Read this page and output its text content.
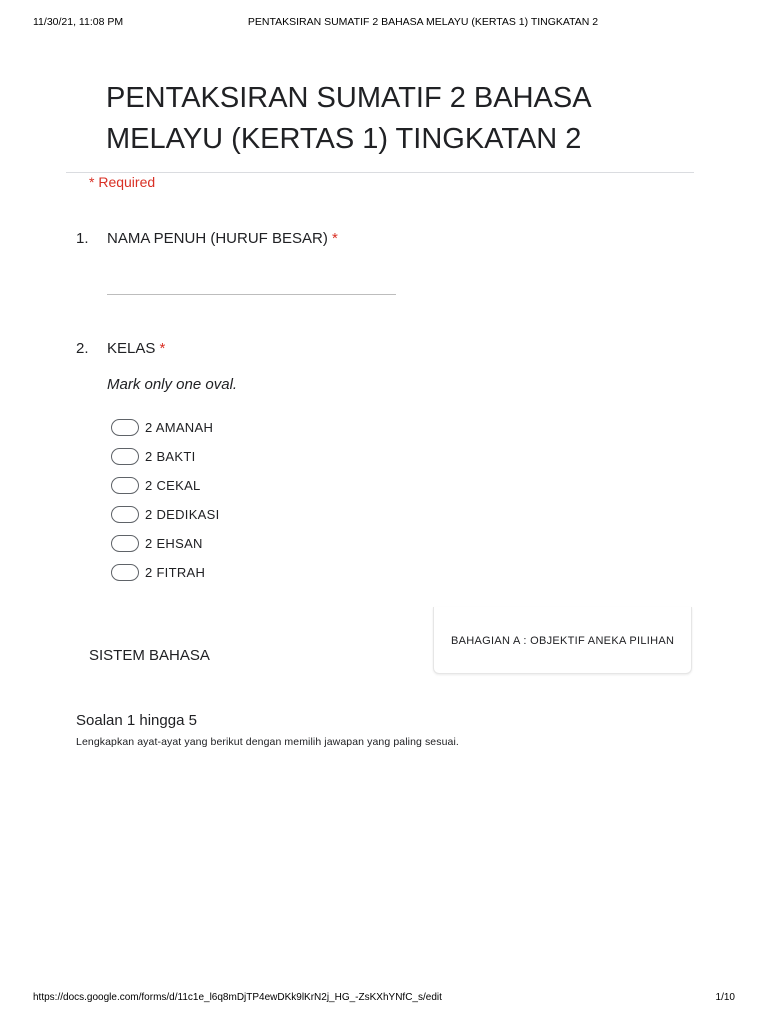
11/30/21, 11:08 PM	PENTAKSIRAN SUMATIF 2 BAHASA MELAYU (KERTAS 1) TINGKATAN 2
PENTAKSIRAN SUMATIF 2 BAHASA
MELAYU (KERTAS 1) TINGKATAN 2
* Required
1. NAMA PENUH (HURUF BESAR) *
2. KELAS *
Mark only one oval.
2 AMANAH
2 BAKTI
2 CEKAL
2 DEDIKASI
2 EHSAN
2 FITRAH
SISTEM BAHASA
BAHAGIAN A : OBJEKTIF ANEKA PILIHAN
Soalan 1 hingga 5
Lengkapkan ayat-ayat yang berikut dengan memilih jawapan yang paling sesuai.
https://docs.google.com/forms/d/11c1e_l6q8mDjTP4ewDKk9lKrN2j_HG_-ZsKXhYNfC_s/edit	1/10
